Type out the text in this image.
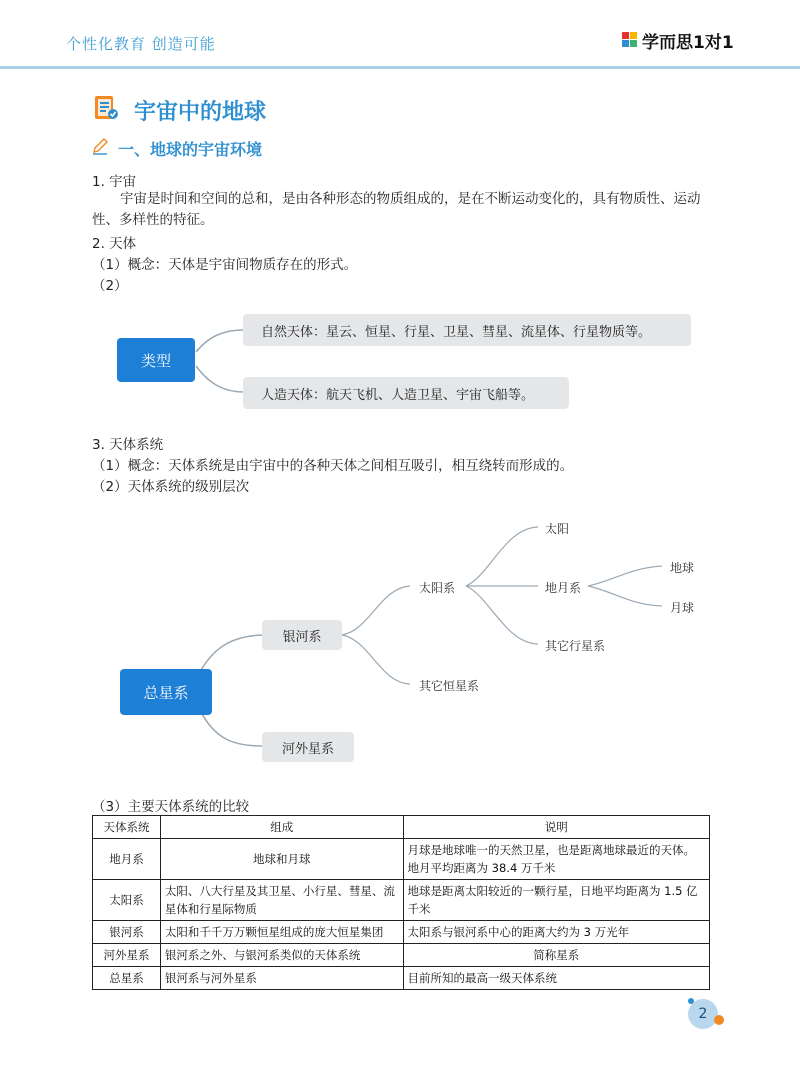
个性化教育 创造可能	学而思1对1
宇宙中的地球
一、地球的宇宙环境
1. 宇宙
宇宙是时间和空间的总和，是由各种形态的物质组成的，是在不断运动变化的，具有物质性、运动性、多样性的特征。
2. 天体
（1）概念：天体是宇宙间物质存在的形式。
（2）
类型
自然天体：星云、恒星、行星、卫星、彗星、流星体、行星物质等。
人造天体：航天飞机、人造卫星、宇宙飞船等。
3. 天体系统
（1）概念：天体系统是由宇宙中的各种天体之间相互吸引，相互绕转而形成的。
（2）天体系统的级别层次
总星系
银河系
河外星系
太阳系
其它恒星系
太阳
地月系
其它行星系
地球
月球
（3）主要天体系统的比较
天体系统	组成	说明
地月系	地球和月球	月球是地球唯一的天然卫星，也是距离地球最近的天体。地月平均距离为 38.4 万千米
太阳系	太阳、八大行星及其卫星、小行星、彗星、流星体和行星际物质	地球是距离太阳较近的一颗行星，日地平均距离为 1.5 亿千米
银河系	太阳和千千万万颗恒星组成的庞大恒星集团	太阳系与银河系中心的距离大约为 3 万光年
河外星系	银河系之外、与银河系类似的天体系统	简称星系
总星系	银河系与河外星系	目前所知的最高一级天体系统
2
